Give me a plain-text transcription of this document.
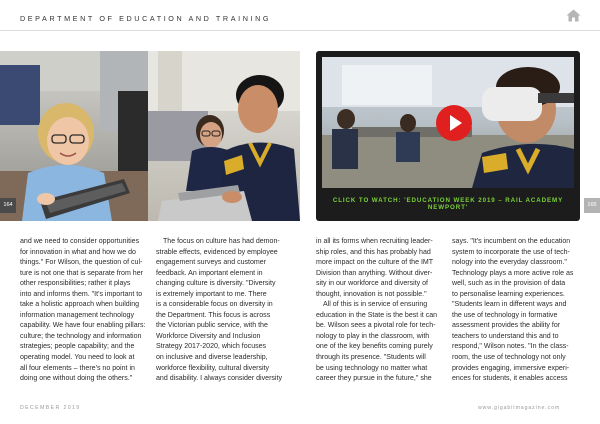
DEPARTMENT OF EDUCATION AND TRAINING
CLICK TO WATCH: 'EDUCATION WEEK 2019 – RAIL ACADEMY NEWPORT'
164	165
and we need to consider opportunities
for innovation in what and how we do
things." For Wilson, the question of cul-
ture is not one that is separate from her
other responsibilities; rather it plays
into and informs them. "It's important to
take a holistic approach when building
information management technology
capability. We have four enabling pillars:
culture; the technology and information
strategies; people capability; and the
operating model. You need to look at
all four elements – there's no point in
doing one without doing the others."
The focus on culture has had demon-
strable effects, evidenced by employee
engagement surveys and customer
feedback. An important element in
changing culture is diversity. "Diversity
is extremely important to me. There
is a considerable focus on diversity in
the Department. This focus is across
the Victorian public service, with the
Workforce Diversity and Inclusion
Strategy 2017-2020, which focuses
on inclusive and diverse leadership,
workforce flexibility, cultural diversity
and disability. I always consider diversity
in all its forms when recruiting leader-
ship roles, and this has probably had
more impact on the culture of the IMT
Division than anything. Without diver-
sity in our workforce and diversity of
thought, innovation is not possible."
All of this is in service of ensuring
education in the State is the best it can
be. Wilson sees a pivotal role for tech-
nology to play in the classroom, with
one of the key benefits coming purely
through its presence. "Students will
be using technology no matter what
career they pursue in the future," she
says. "It's incumbent on the education
system to incorporate the use of tech-
nology into the everyday classroom."
Technology plays a more active role as
well, such as in the provision of data
to personalise learning experiences.
"Students learn in different ways and
the use of technology in formative
assessment provides the ability for
teachers to understand this and to
respond," Wilson notes. "In the class-
room, the use of technology not only
provides engaging, immersive experi-
ences for students, it enables access
DECEMBER 2019	www.gigabitmagazine.com
